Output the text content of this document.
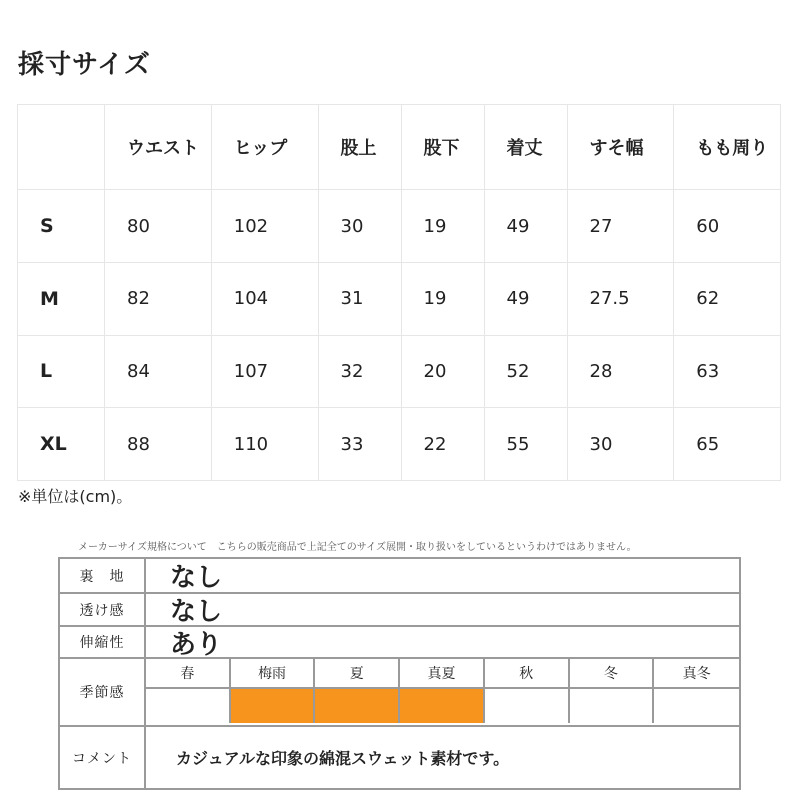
採寸サイズ
	ウエスト	ヒップ	股上	股下	着丈	すそ幅	もも周り
S	80	102	30	19	49	27	60
M	82	104	31	19	49	27.5	62
L	84	107	32	20	52	28	63
XL	88	110	33	22	55	30	65
※単位は(cm)。
メーカーサイズ規格について　こちらの販売商品で上記全てのサイズ展開・取り扱いをしているというわけではありません。
裏　地	なし
透け感	なし
伸縮性	あり
季節感
春	梅雨	夏	真夏	秋	冬	真冬
コメント	カジュアルな印象の綿混スウェット素材です。
